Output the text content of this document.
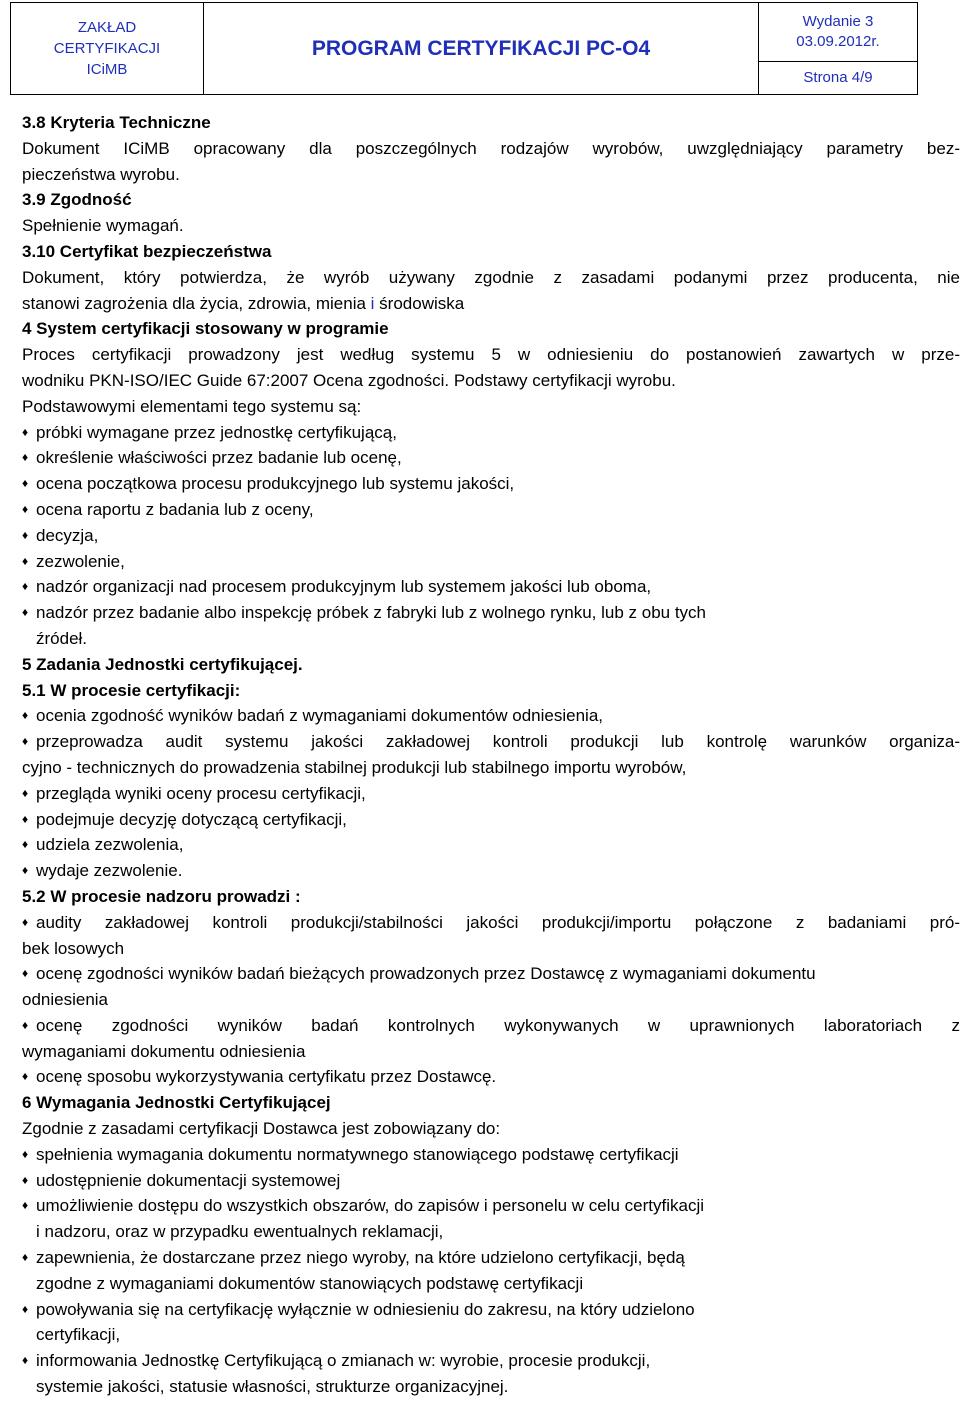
ZAKŁAD
CERTYFIKACJI
ICiMB
	PROGRAM CERTYFIKACJI PC-O4	
Wydanie 3
03.09.2012r.

Strona 4/9

3.8 Kryteria Techniczne

Dokument ICiMB opracowany dla poszczególnych rodzajów wyrobów, uwzględniający parametry bez-

pieczeństwa wyrobu.

3.9 Zgodność

Spełnienie wymagań.

3.10 Certyfikat bezpieczeństwa

Dokument, który potwierdza, że wyrób używany zgodnie z zasadami podanymi przez producenta, nie

stanowi zagrożenia dla życia, zdrowia, mienia i środowiska

4 System certyfikacji stosowany w programie

Proces certyfikacji prowadzony jest według systemu 5 w odniesieniu do postanowień zawartych w prze-

wodniku PKN-ISO/IEC Guide 67:2007 Ocena zgodności. Podstawy certyfikacji wyrobu.

Podstawowymi elementami tego systemu są:

♦ próbki wymagane przez jednostkę certyfikującą,

♦ określenie właściwości przez badanie lub ocenę,

♦ ocena początkowa procesu produkcyjnego lub systemu jakości,

♦ ocena raportu z badania lub z oceny,

♦ decyzja,

♦ zezwolenie,

♦ nadzór organizacji nad procesem produkcyjnym lub systemem jakości lub oboma,

♦ nadzór przez badanie albo inspekcję próbek z fabryki lub z wolnego rynku, lub z obu tych

źródeł.

5 Zadania Jednostki certyfikującej.

5.1 W procesie certyfikacji:

♦ ocenia zgodność wyników badań z wymaganiami dokumentów odniesienia,

♦ przeprowadza audit systemu jakości zakładowej kontroli produkcji lub kontrolę warunków organiza-

cyjno - technicznych do prowadzenia stabilnej produkcji lub stabilnego importu wyrobów,

♦ przegląda wyniki oceny procesu certyfikacji,

♦ podejmuje decyzję dotyczącą certyfikacji,

♦ udziela zezwolenia,

♦ wydaje zezwolenie.

5.2 W procesie nadzoru prowadzi :

♦ audity zakładowej kontroli produkcji/stabilności jakości produkcji/importu połączone z badaniami pró-

bek losowych

♦ ocenę zgodności wyników badań bieżących prowadzonych przez Dostawcę z wymaganiami dokumentu

odniesienia

♦ ocenę zgodności wyników badań kontrolnych wykonywanych w uprawnionych laboratoriach z

wymaganiami dokumentu odniesienia

♦ ocenę sposobu wykorzystywania certyfikatu przez Dostawcę.

6 Wymagania Jednostki Certyfikującej

Zgodnie z zasadami certyfikacji Dostawca jest zobowiązany do:

♦ spełnienia wymagania dokumentu normatywnego stanowiącego podstawę certyfikacji

♦ udostępnienie dokumentacji systemowej

♦ umożliwienie dostępu do wszystkich obszarów, do zapisów i personelu w celu certyfikacji

i nadzoru, oraz w przypadku ewentualnych reklamacji,

♦ zapewnienia, że dostarczane przez niego wyroby, na które udzielono certyfikacji, będą

zgodne z wymaganiami dokumentów stanowiących podstawę certyfikacji

♦ powoływania się na certyfikację wyłącznie w odniesieniu do zakresu, na który udzielono

certyfikacji,

♦ informowania Jednostkę Certyfikującą o zmianach w: wyrobie, procesie produkcji,

systemie jakości, statusie własności, strukturze organizacyjnej.
